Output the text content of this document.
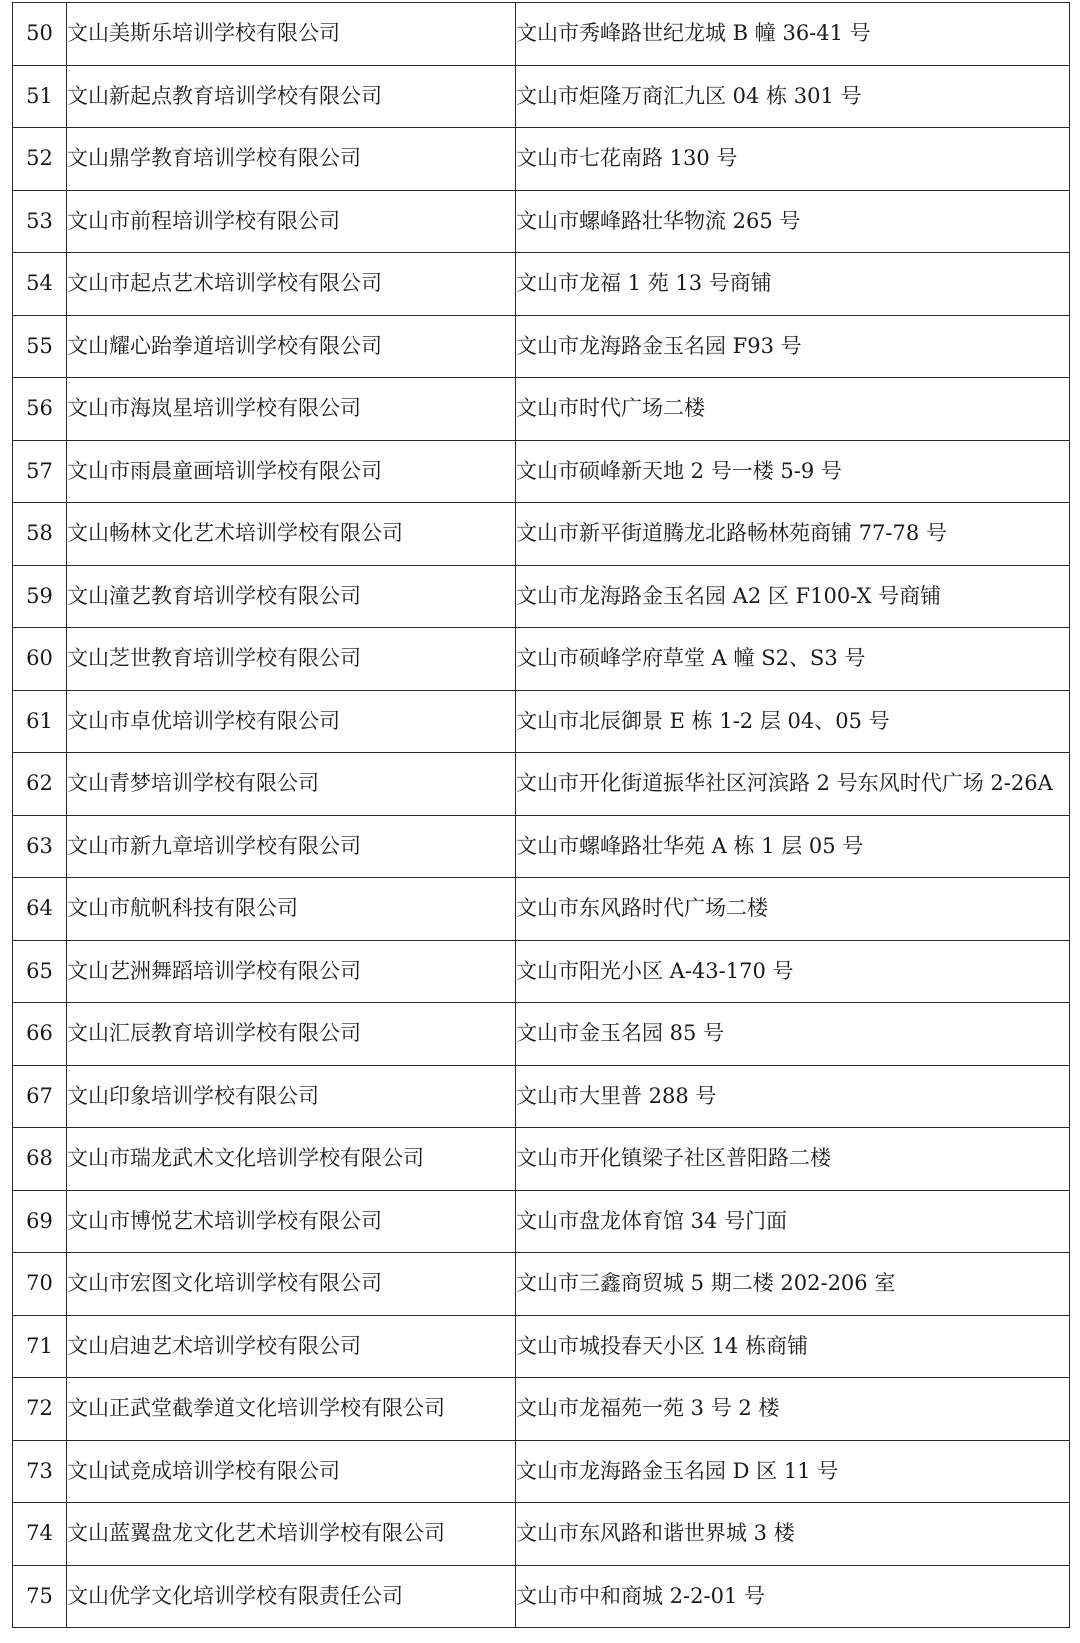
50	文山美斯乐培训学校有限公司	文山市秀峰路世纪龙城 B 幢 36-41 号
51	文山新起点教育培训学校有限公司	文山市炬隆万商汇九区 04 栋 301 号
52	文山鼎学教育培训学校有限公司	文山市七花南路 130 号
53	文山市前程培训学校有限公司	文山市螺峰路壮华物流 265 号
54	文山市起点艺术培训学校有限公司	文山市龙福 1 苑 13 号商铺
55	文山耀心跆拳道培训学校有限公司	文山市龙海路金玉名园 F93 号
56	文山市海岚星培训学校有限公司	文山市时代广场二楼
57	文山市雨晨童画培训学校有限公司	文山市硕峰新天地 2 号一楼 5-9 号
58	文山畅林文化艺术培训学校有限公司	文山市新平街道腾龙北路畅林苑商铺 77-78 号
59	文山潼艺教育培训学校有限公司	文山市龙海路金玉名园 A2 区 F100-X 号商铺
60	文山芝世教育培训学校有限公司	文山市硕峰学府草堂 A 幢 S2、S3 号
61	文山市卓优培训学校有限公司	文山市北辰御景 E 栋 1-2 层 04、05 号
62	文山青梦培训学校有限公司	文山市开化街道振华社区河滨路 2 号东风时代广场 2-26A
63	文山市新九章培训学校有限公司	文山市螺峰路壮华苑 A 栋 1 层 05 号
64	文山市航帆科技有限公司	文山市东风路时代广场二楼
65	文山艺洲舞蹈培训学校有限公司	文山市阳光小区 A-43-170 号
66	文山汇辰教育培训学校有限公司	文山市金玉名园 85 号
67	文山印象培训学校有限公司	文山市大里普 288 号
68	文山市瑞龙武术文化培训学校有限公司	文山市开化镇梁子社区普阳路二楼
69	文山市博悦艺术培训学校有限公司	文山市盘龙体育馆 34 号门面
70	文山市宏图文化培训学校有限公司	文山市三鑫商贸城 5 期二楼 202-206 室
71	文山启迪艺术培训学校有限公司	文山市城投春天小区 14 栋商铺
72	文山正武堂截拳道文化培训学校有限公司	文山市龙福苑一苑 3 号 2 楼
73	文山试竞成培训学校有限公司	文山市龙海路金玉名园 D 区 11 号
74	文山蓝翼盘龙文化艺术培训学校有限公司	文山市东风路和谐世界城 3 楼
75	文山优学文化培训学校有限责任公司	文山市中和商城 2-2-01 号
